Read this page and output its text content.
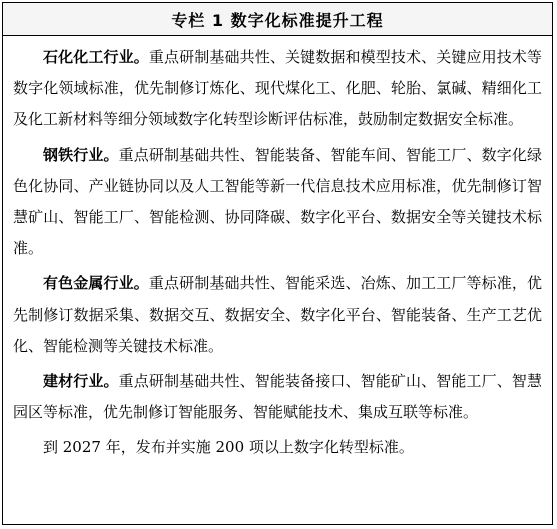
专栏 1 数字化标准提升工程

石化化工行业。重点研制基础共性、关键数据和模型技术、关键应用技术等数字化领域标准，优先制修订炼化、现代煤化工、化肥、轮胎、氯碱、精细化工及化工新材料等细分领域数字化转型诊断评估标准，鼓励制定数据安全标准。

钢铁行业。重点研制基础共性、智能装备、智能车间、智能工厂、数字化绿色化协同、产业链协同以及人工智能等新一代信息技术应用标准，优先制修订智慧矿山、智能工厂、智能检测、协同降碳、数字化平台、数据安全等关键技术标准。

有色金属行业。重点研制基础共性、智能采选、冶炼、加工工厂等标准，优先制修订数据采集、数据交互、数据安全、数字化平台、智能装备、生产工艺优化、智能检测等关键技术标准。

建材行业。重点研制基础共性、智能装备接口、智能矿山、智能工厂、智慧园区等标准，优先制修订智能服务、智能赋能技术、集成互联等标准。

到 2027 年，发布并实施 200 项以上数字化转型标准。
